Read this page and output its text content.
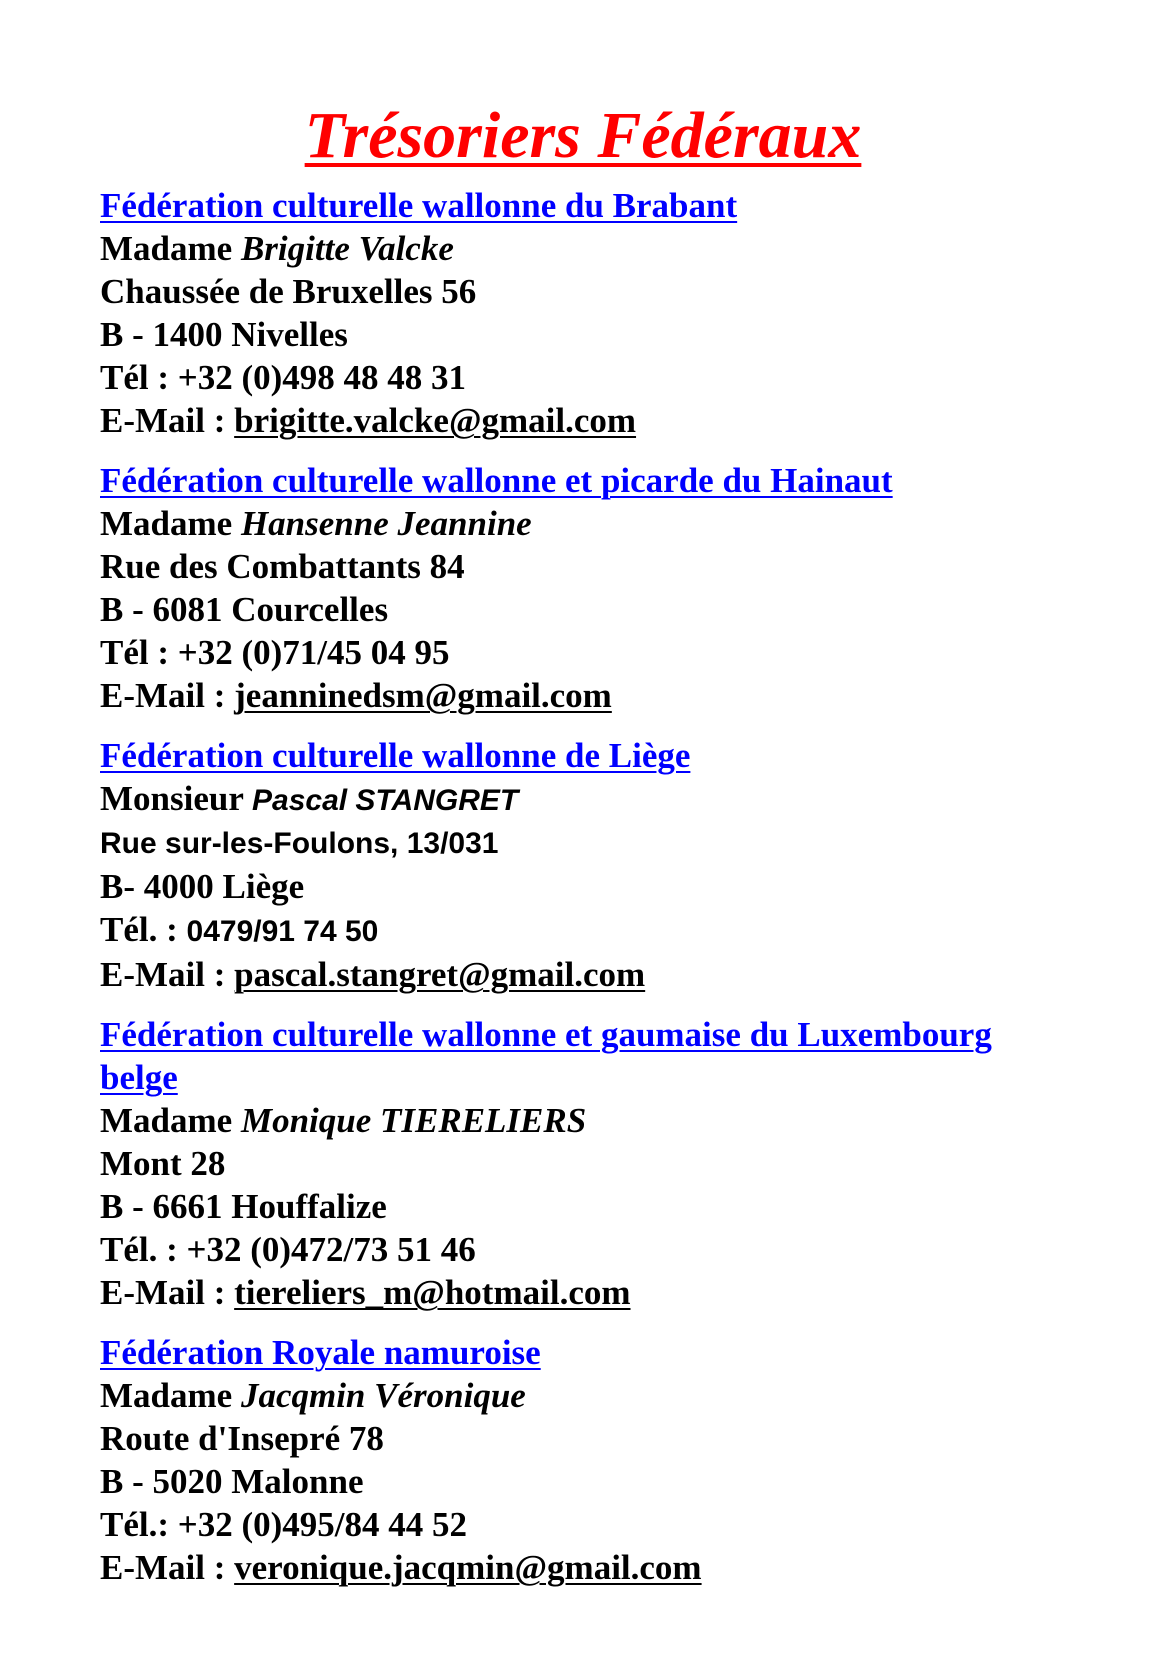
Trésoriers Fédéraux
Fédération culturelle wallonne du Brabant
Madame Brigitte Valcke
Chaussée de Bruxelles 56
B - 1400 Nivelles
Tél : +32 (0)498 48 48 31
E-Mail : brigitte.valcke@gmail.com
Fédération culturelle wallonne et picarde du Hainaut
Madame Hansenne Jeannine
Rue des Combattants 84
B - 6081 Courcelles
Tél : +32 (0)71/45 04 95
E-Mail : jeanninedsm@gmail.com
Fédération culturelle wallonne de Liège
Monsieur Pascal STANGRET
Rue sur-les-Foulons, 13/031
B- 4000 Liège
Tél. : 0479/91 74 50
E-Mail : pascal.stangret@gmail.com
Fédération culturelle wallonne et gaumaise du Luxembourg belge
Madame Monique TIERELIERS
Mont 28
B - 6661 Houffalize
Tél. : +32 (0)472/73 51 46
E-Mail : tiereliers_m@hotmail.com
Fédération Royale namuroise
Madame Jacqmin Véronique
Route d'Insepré 78
B - 5020 Malonne
Tél.: +32 (0)495/84 44 52
E-Mail : veronique.jacqmin@gmail.com
